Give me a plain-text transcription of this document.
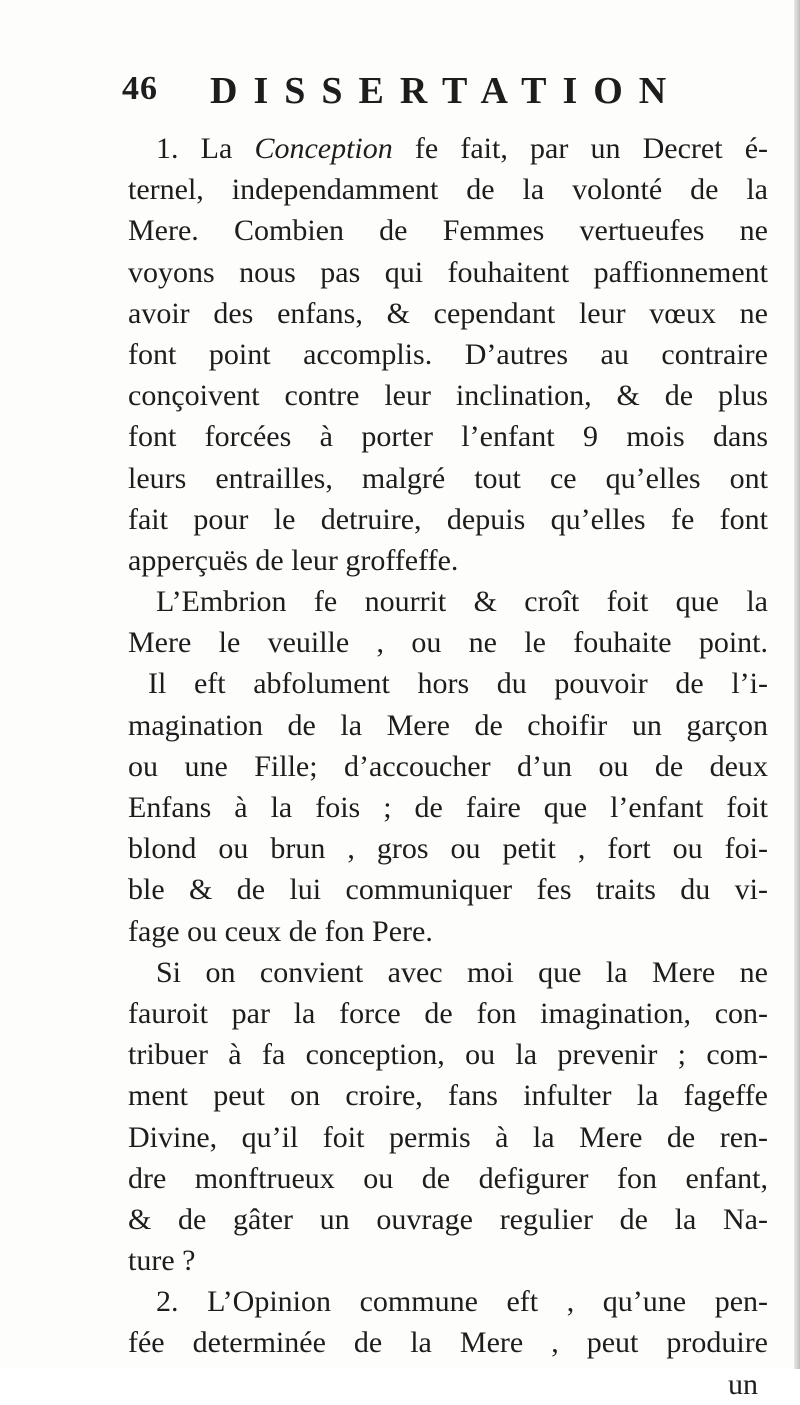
46 DISSERTATION
1. La Conception fe fait, par un Decret é-
ternel, independamment de la volonté de la
Mere. Combien de Femmes vertueufes ne
voyons nous pas qui fouhaitent paffionnement
avoir des enfans, & cependant leur vœux ne
font point accomplis. D’autres au contraire
conçoivent contre leur inclination, & de plus
font forcées à porter l’enfant 9 mois dans
leurs entrailles, malgré tout ce qu’elles ont
fait pour le detruire, depuis qu’elles fe font
apperçuës de leur groffeffe.
L’Embrion fe nourrit & croît foit que la
Mere le veuille , ou ne le fouhaite point.
Il eft abfolument hors du pouvoir de l’i-
magination de la Mere de choifir un garçon
ou une Fille; d’accoucher d’un ou de deux
Enfans à la fois ; de faire que l’enfant foit
blond ou brun , gros ou petit , fort ou foi-
ble & de lui communiquer fes traits du vi-
fage ou ceux de fon Pere.
Si on convient avec moi que la Mere ne
fauroit par la force de fon imagination, con-
tribuer à fa conception, ou la prevenir ; com-
ment peut on croire, fans infulter la fageffe
Divine, qu’il foit permis à la Mere de ren-
dre monftrueux ou de defigurer fon enfant,
& de gâter un ouvrage regulier de la Na-
ture ?
2. L’Opinion commune eft , qu’une pen-
fée determinée de la Mere , peut produire
un
